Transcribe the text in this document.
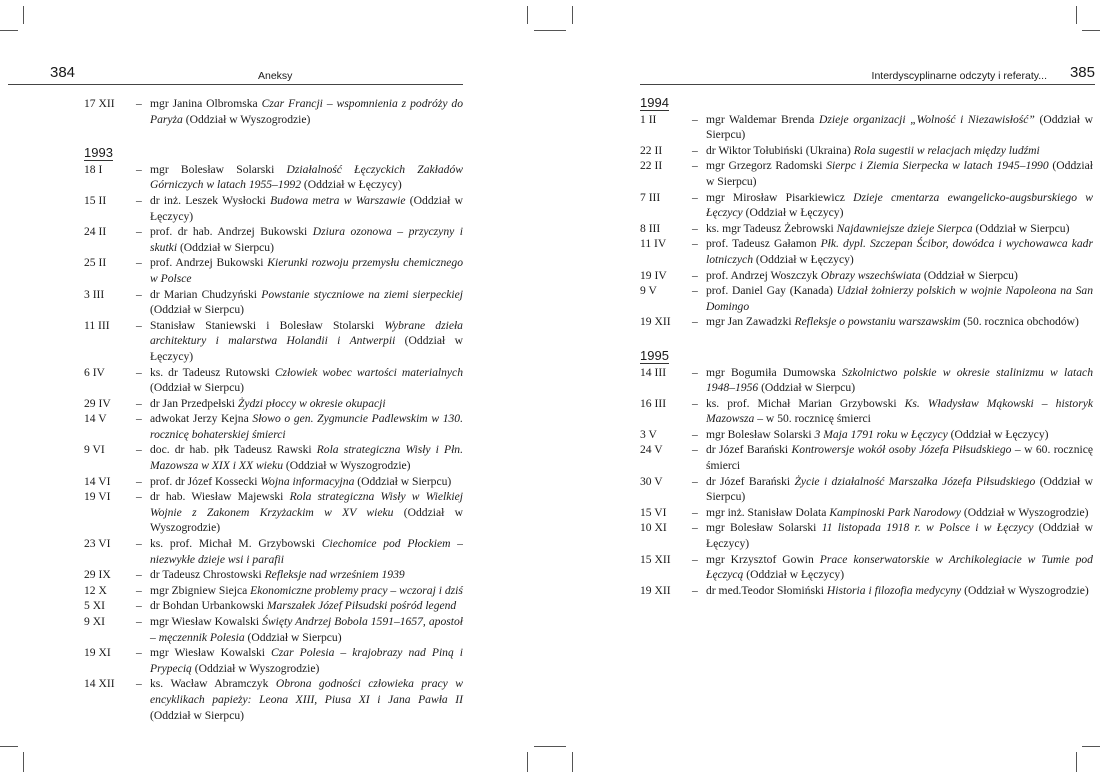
384	Aneksy
17 XII	– mgr Janina Olbromska Czar Francji – wspomnienia z podróży do Paryża (Oddział w Wyszogrodzie)
1993
18 I	– mgr Bolesław Solarski Działalność Łęczyckich Zakładów Górniczych w latach 1955–1992 (Oddział w Łęczycy)
15 II	– dr inż. Leszek Wysłocki Budowa metra w Warszawie (Oddział w Łęczycy)
24 II	– prof. dr hab. Andrzej Bukowski Dziura ozonowa – przyczyny i skutki (Oddział w Sierpcu)
25 II	– prof. Andrzej Bukowski Kierunki rozwoju przemysłu chemicznego w Polsce
3 III	– dr Marian Chudzyński Powstanie styczniowe na ziemi sierpeckiej (Oddział w Sierpcu)
11 III	– Stanisław Staniewski i Bolesław Stolarski Wybrane dzieła architektury i malarstwa Holandii i Antwerpii (Oddział w Łęczycy)
6 IV	– ks. dr Tadeusz Rutowski Człowiek wobec wartości materialnych (Oddział w Sierpcu)
29 IV	– dr Jan Przedpełski Żydzi płoccy w okresie okupacji
14 V	– adwokat Jerzy Kejna Słowo o gen. Zygmuncie Padlewskim w 130. rocznicę bohaterskiej śmierci
9 VI	– doc. dr hab. płk Tadeusz Rawski Rola strategiczna Wisły i Płn. Mazowsza w XIX i XX wieku (Oddział w Wyszogrodzie)
14 VI	– prof. dr Józef Kossecki Wojna informacyjna (Oddział w Sierpcu)
19 VI	– dr hab. Wiesław Majewski Rola strategiczna Wisły w Wielkiej Wojnie z Zakonem Krzyżackim w XV wieku (Oddział w Wyszogrodzie)
23 VI	– ks. prof. Michał M. Grzybowski Ciechomice pod Płockiem – niezwykłe dzieje wsi i parafii
29 IX	– dr Tadeusz Chrostowski Refleksje nad wrześniem 1939
12 X	– mgr Zbigniew Siejca Ekonomiczne problemy pracy – wczoraj i dziś
5 XI	– dr Bohdan Urbankowski Marszałek Józef Piłsudski pośród legend
9 XI	– mgr Wiesław Kowalski Święty Andrzej Bobola 1591–1657, apostoł – męczennik Polesia (Oddział w Sierpcu)
19 XI	– mgr Wiesław Kowalski Czar Polesia – krajobrazy nad Piną i Prypecią (Oddział w Wyszogrodzie)
14 XII	– ks. Wacław Abramczyk Obrona godności człowieka pracy w encyklikach papieży: Leona XIII, Piusa XI i Jana Pawła II (Oddział w Sierpcu)
Interdyscyplinarne odczyty i referaty... 385
1994
1 II	– mgr Waldemar Brenda Dzieje organizacji „Wolność i Niezawisłość” (Oddział w Sierpcu)
22 II	– dr Wiktor Tołubiński (Ukraina) Rola sugestii w relacjach między ludźmi
22 II	– mgr Grzegorz Radomski Sierpc i Ziemia Sierpecka w latach 1945–1990 (Oddział w Sierpcu)
7 III	– mgr Mirosław Pisarkiewicz Dzieje cmentarza ewangelicko-augsburskiego w Łęczycy (Oddział w Łęczycy)
8 III	– ks. mgr Tadeusz Żebrowski Najdawniejsze dzieje Sierpca (Oddział w Sierpcu)
11 IV	– prof. Tadeusz Gałamon Płk. dypl. Szczepan Ścibor, dowódca i wychowawca kadr lotniczych (Oddział w Łęczycy)
19 IV	– prof. Andrzej Woszczyk Obrazy wszechświata (Oddział w Sierpcu)
9 V	– prof. Daniel Gay (Kanada) Udział żołnierzy polskich w wojnie Napoleona na San Domingo
19 XII	– mgr Jan Zawadzki Refleksje o powstaniu warszawskim (50. rocznica obchodów)
1995
14 III	– mgr Bogumiła Dumowska Szkolnictwo polskie w okresie stalinizmu w latach 1948–1956 (Oddział w Sierpcu)
16 III	– ks. prof. Michał Marian Grzybowski Ks. Władysław Mąkowski – historyk Mazowsza – w 50. rocznicę śmierci
3 V	– mgr Bolesław Solarski 3 Maja 1791 roku w Łęczycy (Oddział w Łęczycy)
24 V	– dr Józef Barański Kontrowersje wokół osoby Józefa Piłsudskiego – w 60. rocznicę śmierci
30 V	– dr Józef Barański Życie i działalność Marszałka Józefa Piłsudskiego (Oddział w Sierpcu)
15 VI	– mgr inż. Stanisław Dolata Kampinoski Park Narodowy (Oddział w Wyszogrodzie)
10 XI	– mgr Bolesław Solarski 11 listopada 1918 r. w Polsce i w Łęczycy (Oddział w Łęczycy)
15 XII	– mgr Krzysztof Gowin Prace konserwatorskie w Archikolegiacie w Tumie pod Łęczycą (Oddział w Łęczycy)
19 XII	– dr med.Teodor Słomiński Historia i filozofia medycyny (Oddział w Wyszogrodzie)
